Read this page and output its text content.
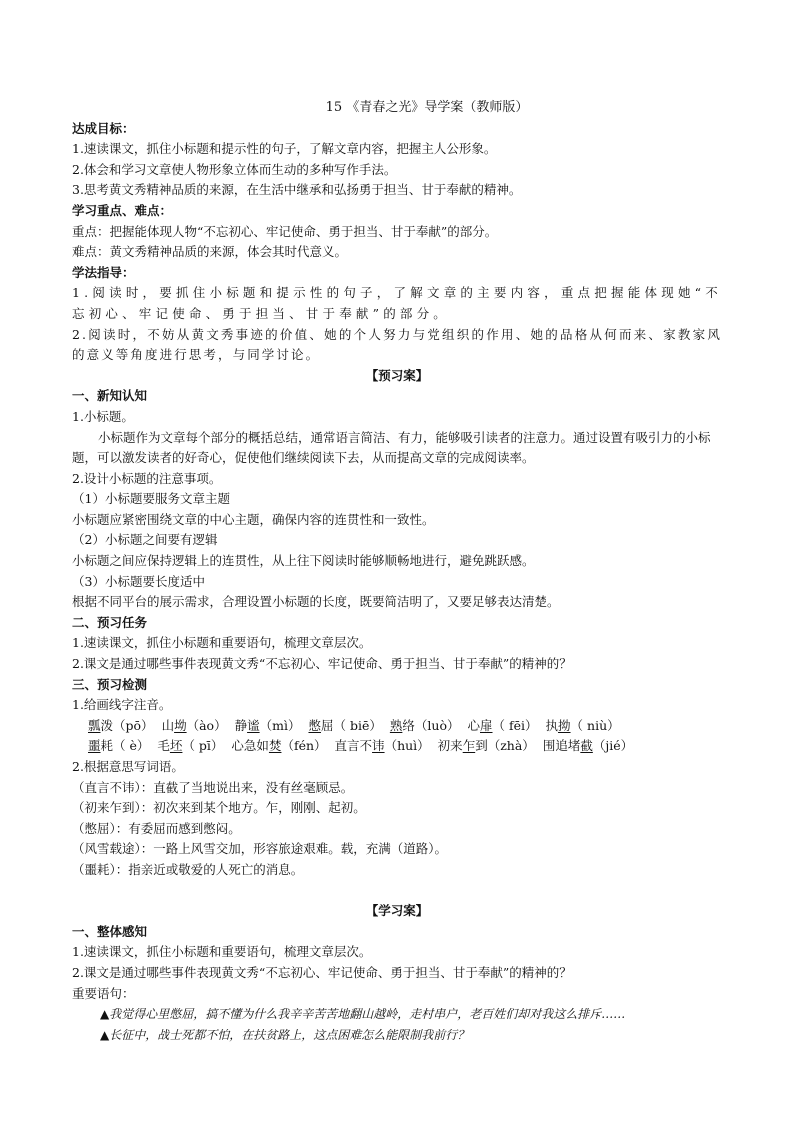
15 《青春之光》导学案（教师版）
达成目标：
1.速读课文，抓住小标题和提示性的句子，了解文章内容，把握主人公形象。
2.体会和学习文章使人物形象立体而生动的多种写作手法。
3.思考黄文秀精神品质的来源，在生活中继承和弘扬勇于担当、甘于奉献的精神。
学习重点、难点：
重点：把握能体现人物“不忘初心、牢记使命、勇于担当、甘于奉献”的部分。
难点：黄文秀精神品质的来源，体会其时代意义。
学法指导：
1.阅读时，要抓住小标题和提示性的句子，了解文章的主要内容，重点把握能体现她“不忘初心、牢记使命、勇于担当、甘于奉献”的部分。
2.阅读时，不妨从黄文秀事迹的价值、她的个人努力与党组织的作用、她的品格从何而来、家教家风的意义等角度进行思考，与同学讨论。
【预习案】
一、新知认知
1.小标题。
小标题作为文章每个部分的概括总结，通常语言简洁、有力，能够吸引读者的注意力。通过设置有吸引力的小标题，可以激发读者的好奇心，促使他们继续阅读下去，从而提高文章的完成阅读率。
2.设计小标题的注意事项。
（1）小标题要服务文章主题
小标题应紧密围绕文章的中心主题，确保内容的连贯性和一致性。
（2）小标题之间要有逻辑
小标题之间应保持逻辑上的连贯性，从上往下阅读时能够顺畅地进行，避免跳跃感。
（3）小标题要长度适中
根据不同平台的展示需求，合理设置小标题的长度，既要简洁明了，又要足够表达清楚。
二、预习任务
1.速读课文，抓住小标题和重要语句，梳理文章层次。
2.课文是通过哪些事件表现黄文秀“不忘初心、牢记使命、勇于担当、甘于奉献”的精神的？
三、预习检测
1.给画线字注音。
瓢泼（pō） 山坳（ào） 静谧（mì） 憋屈（ biē） 熟络（luò） 心扉（ fēi） 执拗（ niù）
噩耗（ è） 毛坯（ pī） 心急如焚（fén） 直言不讳（huì） 初来乍到（zhà） 围追堵截（jié）
2.根据意思写词语。
（直言不讳）：直截了当地说出来，没有丝毫顾忌。
（初来乍到）：初次来到某个地方。乍，刚刚、起初。
（憋屈）：有委屈而感到憋闷。
（风雪载途）：一路上风雪交加，形容旅途艰难。载，充满（道路）。
（噩耗）：指亲近或敬爱的人死亡的消息。
【学习案】
一、整体感知
1.速读课文，抓住小标题和重要语句，梳理文章层次。
2.课文是通过哪些事件表现黄文秀“不忘初心、牢记使命、勇于担当、甘于奉献”的精神的？
重要语句：
▲我觉得心里憋屈，搞不懂为什么我辛辛苦苦地翻山越岭，走村串户，老百姓们却对我这么排斥……
▲长征中，战士死都不怕，在扶贫路上，这点困难怎么能限制我前行？
